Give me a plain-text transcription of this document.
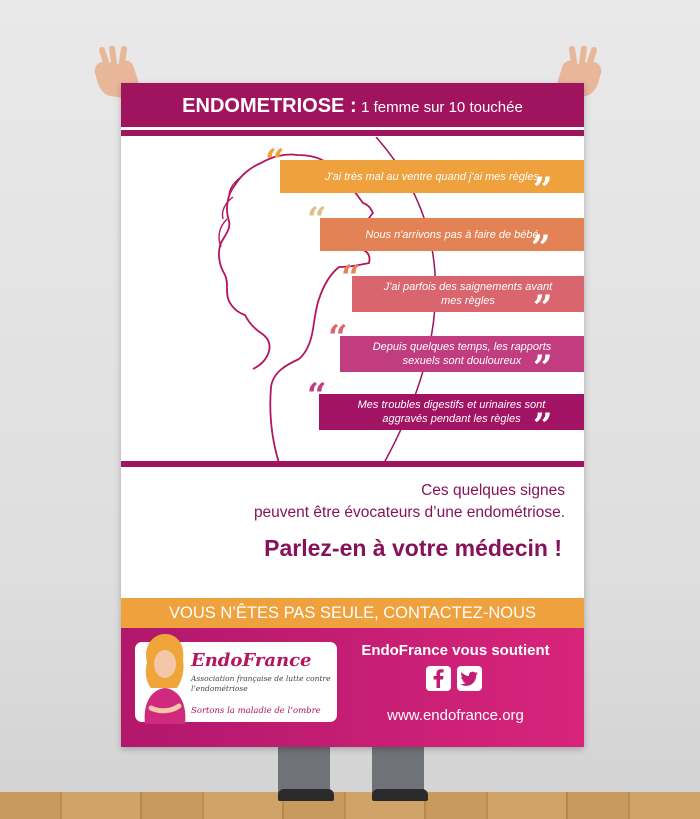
ENDOMETRIOSE : 1 femme sur 10 touchée
J'ai très mal au ventre quand j'ai mes règles
“
”
Nous n'arrivons pas à faire de bébé
“
”
J'ai parfois des saignements avant mes règles
“
”
Depuis quelques temps, les rapports sexuels sont douloureux
“
”
Mes troubles digestifs et urinaires sont aggravés pendant les règles
“
”
Ces quelques signes
peuvent être évocateurs d’une endométriose.
Parlez-en à votre médecin !
VOUS N’ÊTES PAS SEULE, CONTACTEZ-NOUS
EndoFrance
Association française de lutte contre l’endométriose
Sortons la maladie de l’ombre
EndoFrance vous soutient
www.endofrance.org
